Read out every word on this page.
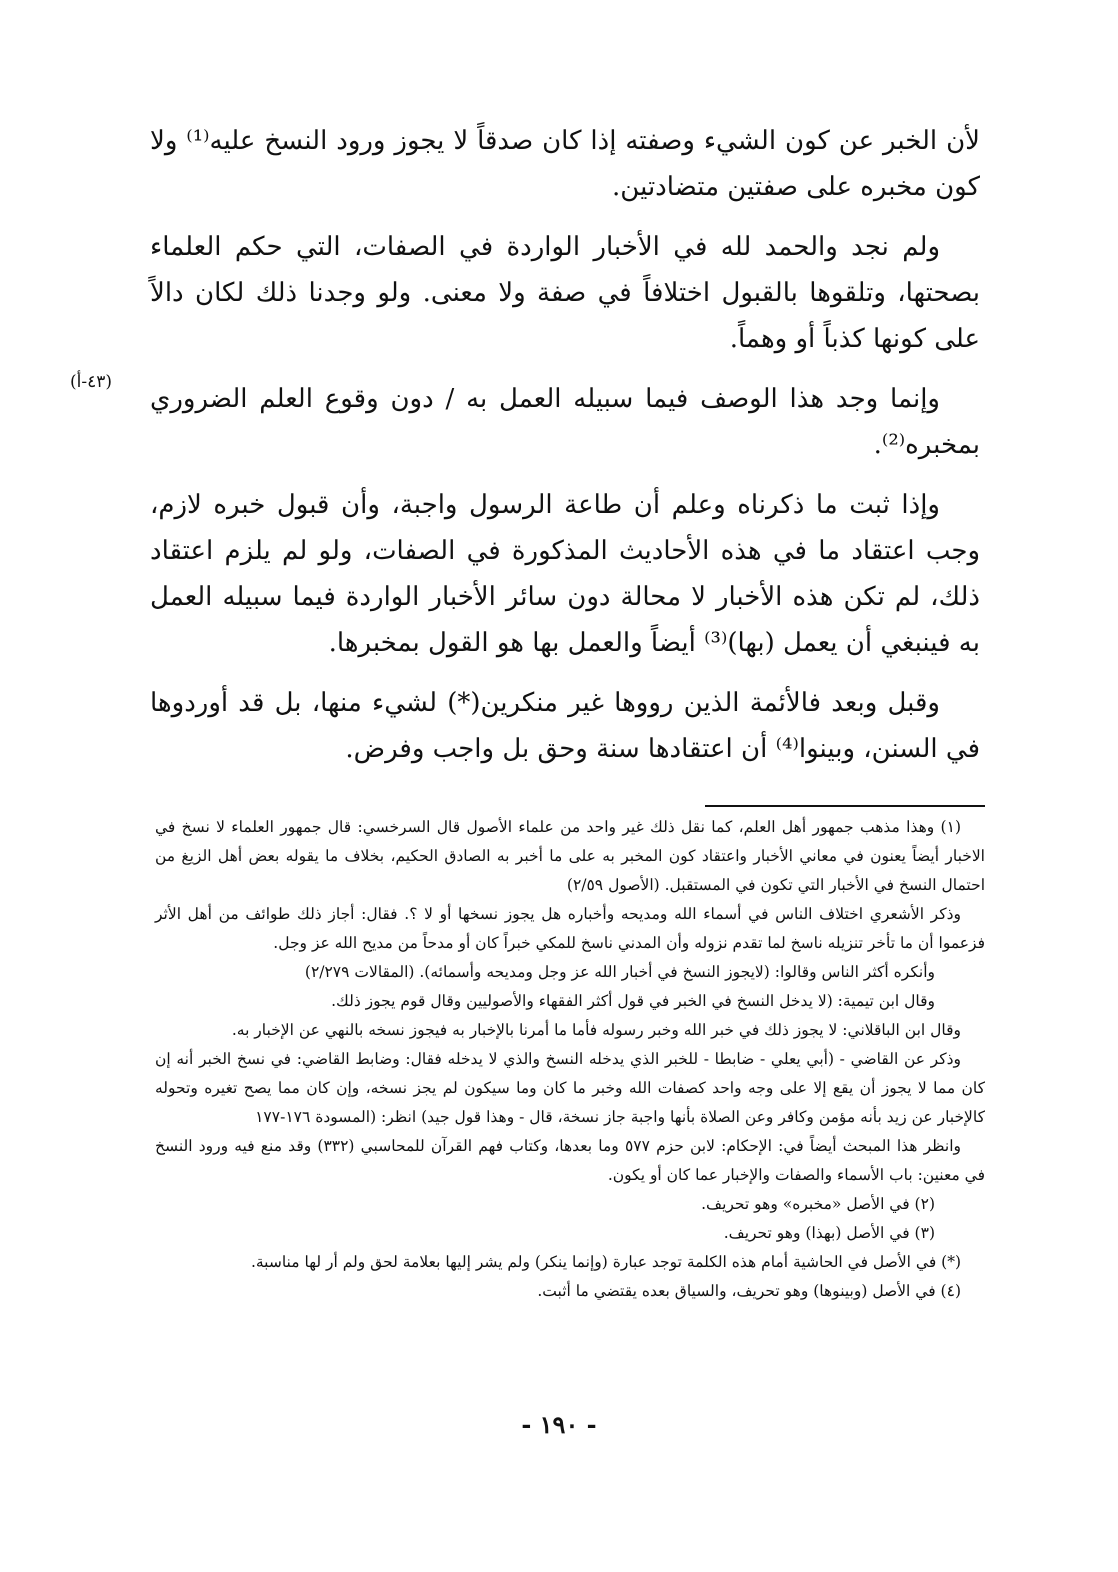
لأن الخبر عن كون الشيء وصفته إذا كان صدقاً لا يجوز ورود النسخ عليه⁽¹⁾ ولا كون مخبره على صفتين متضادتين.

ولم نجد والحمد لله في الأخبار الواردة في الصفات، التي حكم العلماء بصحتها، وتلقوها بالقبول اختلافاً في صفة ولا معنى. ولو وجدنا ذلك لكان دالاً على كونها كذباً أو وهماً.

وإنما وجد هذا الوصف فيما سبيله العمل به / دون وقوع العلم الضروري بمخبره⁽²⁾.

وإذا ثبت ما ذكرناه وعلم أن طاعة الرسول واجبة، وأن قبول خبره لازم، وجب اعتقاد ما في هذه الأحاديث المذكورة في الصفات، ولو لم يلزم اعتقاد ذلك، لم تكن هذه الأخبار لا محالة دون سائر الأخبار الواردة فيما سبيله العمل به فينبغي أن يعمل (بها)⁽³⁾ أيضاً والعمل بها هو القول بمخبرها.

وقبل وبعد فالأئمة الذين رووها غير منكرين(*) لشيء منها، بل قد أوردوها في السنن، وبينوا⁽⁴⁾ أن اعتقادها سنة وحق بل واجب وفرض.

(٤٣-أ)

(١) وهذا مذهب جمهور أهل العلم، كما نقل ذلك غير واحد من علماء الأصول قال السرخسي: قال جمهور العلماء لا نسخ في الاخبار أيضاً يعنون في معاني الأخبار واعتقاد كون المخبر به على ما أخبر به الصادق الحكيم، بخلاف ما يقوله بعض أهل الزيغ من احتمال النسخ في الأخبار التي تكون في المستقبل. (الأصول ٢/٥٩)

وذكر الأشعري اختلاف الناس في أسماء الله ومديحه وأخباره هل يجوز نسخها أو لا ؟. فقال: أجاز ذلك طوائف من أهل الأثر فزعموا أن ما تأخر تنزيله ناسخ لما تقدم نزوله وأن المدني ناسخ للمكي خبراً كان أو مدحاً من مديح الله عز وجل.

وأنكره أكثر الناس وقالوا: (لايجوز النسخ في أخبار الله عز وجل ومديحه وأسمائه). (المقالات ٢/٢٧٩)

وقال ابن تيمية: (لا يدخل النسخ في الخبر في قول أكثر الفقهاء والأصوليين وقال قوم يجوز ذلك.

وقال ابن الباقلاني: لا يجوز ذلك في خبر الله وخبر رسوله فأما ما أمرنا بالإخبار به فيجوز نسخه بالنهي عن الإخبار به.

وذكر عن القاضي - (أبي يعلي - ضابطا - للخبر الذي يدخله النسخ والذي لا يدخله فقال: وضابط القاضي: في نسخ الخبر أنه إن كان مما لا يجوز أن يقع إلا على وجه واحد كصفات الله وخبر ما كان وما سيكون لم يجز نسخه، وإن كان مما يصح تغيره وتحوله كالإخبار عن زيد بأنه مؤمن وكافر وعن الصلاة بأنها واجبة جاز نسخة، قال - وهذا قول جيد) انظر: (المسودة ١٧٦-١٧٧

وانظر هذا المبحث أيضاً في: الإحكام: لابن حزم ٥٧٧ وما بعدها، وكتاب فهم القرآن للمحاسبي (٣٣٢) وقد منع فيه ورود النسخ في معنين: باب الأسماء والصفات والإخبار عما كان أو يكون.

(٢) في الأصل «مخبره» وهو تحريف.

(٣) في الأصل (بهذا) وهو تحريف.

(*) في الأصل في الحاشية أمام هذه الكلمة توجد عبارة (وإنما ينكر) ولم يشر إليها بعلامة لحق ولم أر لها مناسبة.

(٤) في الأصل (وبينوها) وهو تحريف، والسياق بعده يقتضي ما أثبت.

- ١٩٠ -
